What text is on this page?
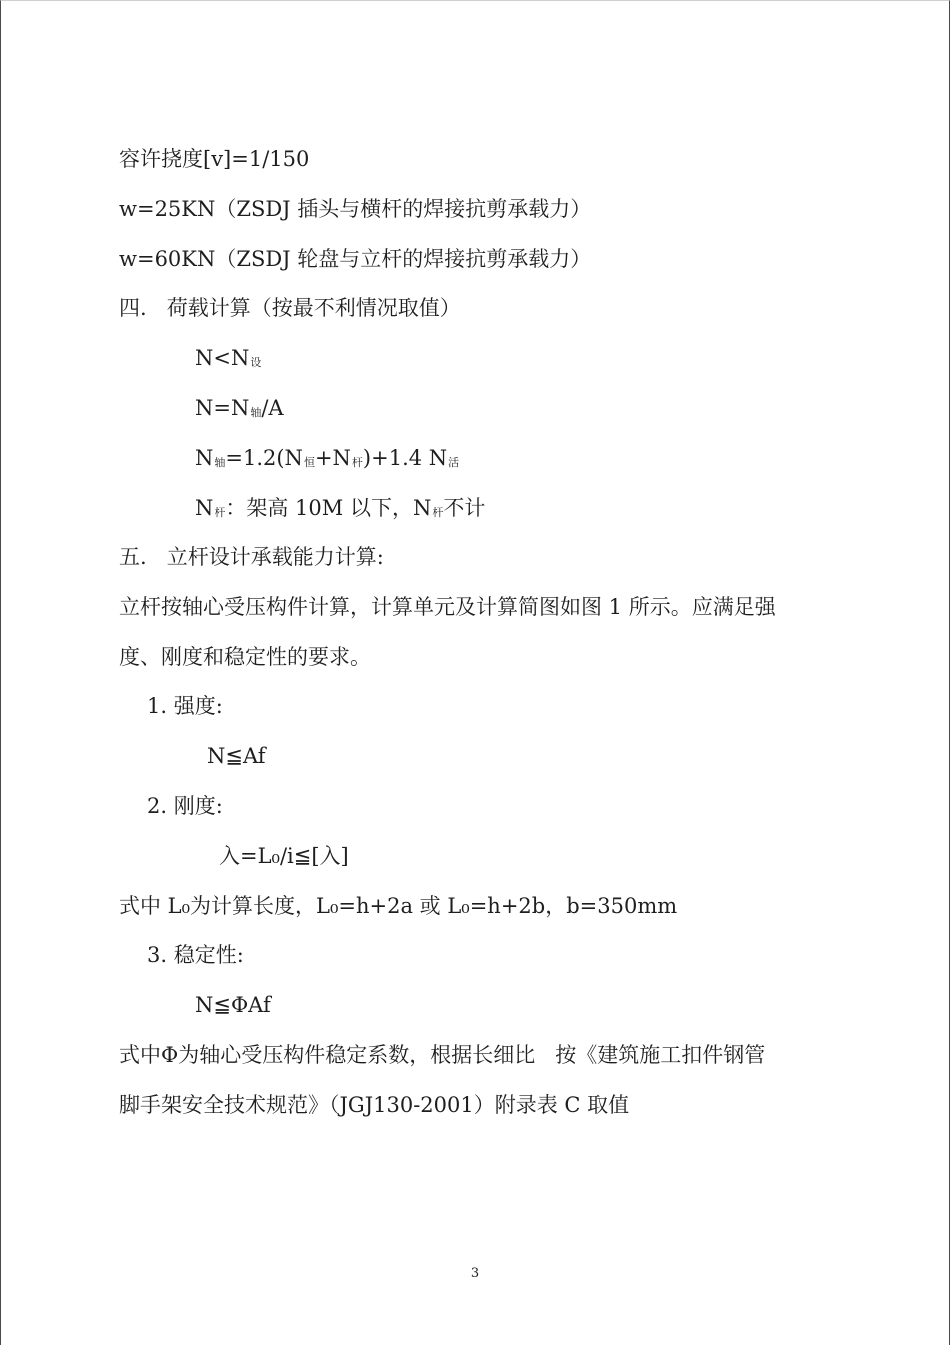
容许挠度[v]=1/150
w=25KN（ZSDJ 插头与横杆的焊接抗剪承载力）
w=60KN（ZSDJ 轮盘与立杆的焊接抗剪承载力）
四.   荷载计算（按最不利情况取值）
N<N设
N=N轴/A
N轴=1.2(N恒+N杆)+1.4 N活
N杆：架高 10M 以下，N杆不计
五.   立杆设计承载能力计算:
立杆按轴心受压构件计算，计算单元及计算简图如图 1 所示。应满足强
度、刚度和稳定性的要求。
1. 强度:
N≦Af
2. 刚度:
入=L₀/i≦[入]
式中 L₀为计算长度，L₀=h+2a 或 L₀=h+2b，b=350mm
3. 稳定性:
N≦ΦAf
式中Φ为轴心受压构件稳定系数，根据长细比   按《建筑施工扣件钢管
脚手架安全技术规范》（JGJ130-2001）附录表 C 取值
3
